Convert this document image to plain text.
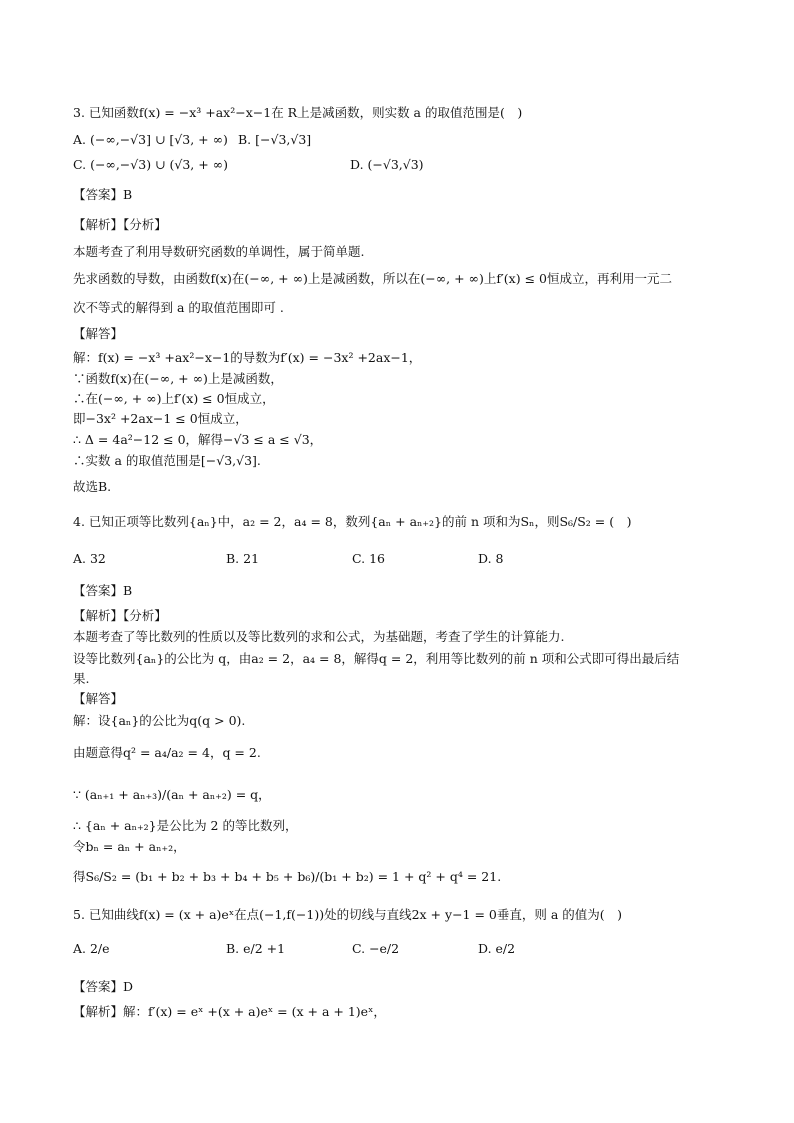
3. 已知函数f(x) = −x³ +ax²−x−1在 R上是减函数，则实数 a 的取值范围是(　)
A. (−∞,−√3] ∪ [√3, + ∞) B. [−√3,√3]
C. (−∞,−√3) ∪ (√3, + ∞)	D. (−√3,√3)
【答案】B
【解析】【分析】
本题考查了利用导数研究函数的单调性，属于简单题.
先求函数的导数，由函数f(x)在(−∞, + ∞)上是减函数，所以在(−∞, + ∞)上f′(x) ≤ 0恒成立，再利用一元二
次不等式的解得到 a 的取值范围即可 .
【解答】
解：f(x) = −x³ +ax²−x−1的导数为f′(x) = −3x² +2ax−1，
∵函数f(x)在(−∞, + ∞)上是减函数，
∴在(−∞, + ∞)上f′(x) ≤ 0恒成立，
即−3x² +2ax−1 ≤ 0恒成立，
∴ Δ = 4a²−12 ≤ 0，解得−√3 ≤ a ≤ √3，
∴实数 a 的取值范围是[−√3,√3].
故选B.
4. 已知正项等比数列{aₙ}中，a₂ = 2，a₄ = 8，数列{aₙ + aₙ₊₂}的前 n 项和为Sₙ，则S₆/S₂ = (　)
A. 32	B. 21	C. 16	D. 8
【答案】B
【解析】【分析】
本题考查了等比数列的性质以及等比数列的求和公式，为基础题，考查了学生的计算能力.
设等比数列{aₙ}的公比为 q，由a₂ = 2，a₄ = 8，解得q = 2，利用等比数列的前 n 项和公式即可得出最后结
果.
【解答】
解：设{aₙ}的公比为q(q > 0).
由题意得q² = a₄/a₂ = 4，q = 2.
∵ (aₙ₊₁ + aₙ₊₃)/(aₙ + aₙ₊₂) = q，
∴ {aₙ + aₙ₊₂}是公比为 2 的等比数列，
令bₙ = aₙ + aₙ₊₂，
得S₆/S₂ = (b₁ + b₂ + b₃ + b₄ + b₅ + b₆)/(b₁ + b₂) = 1 + q² + q⁴ = 21.
5. 已知曲线f(x) = (x + a)eˣ在点(−1,f(−1))处的切线与直线2x + y−1 = 0垂直，则 a 的值为(　)
A. 2/e	B. e/2 +1	C. −e/2	D. e/2
【答案】D
【解析】解：f′(x) = eˣ +(x + a)eˣ = (x + a + 1)eˣ，
